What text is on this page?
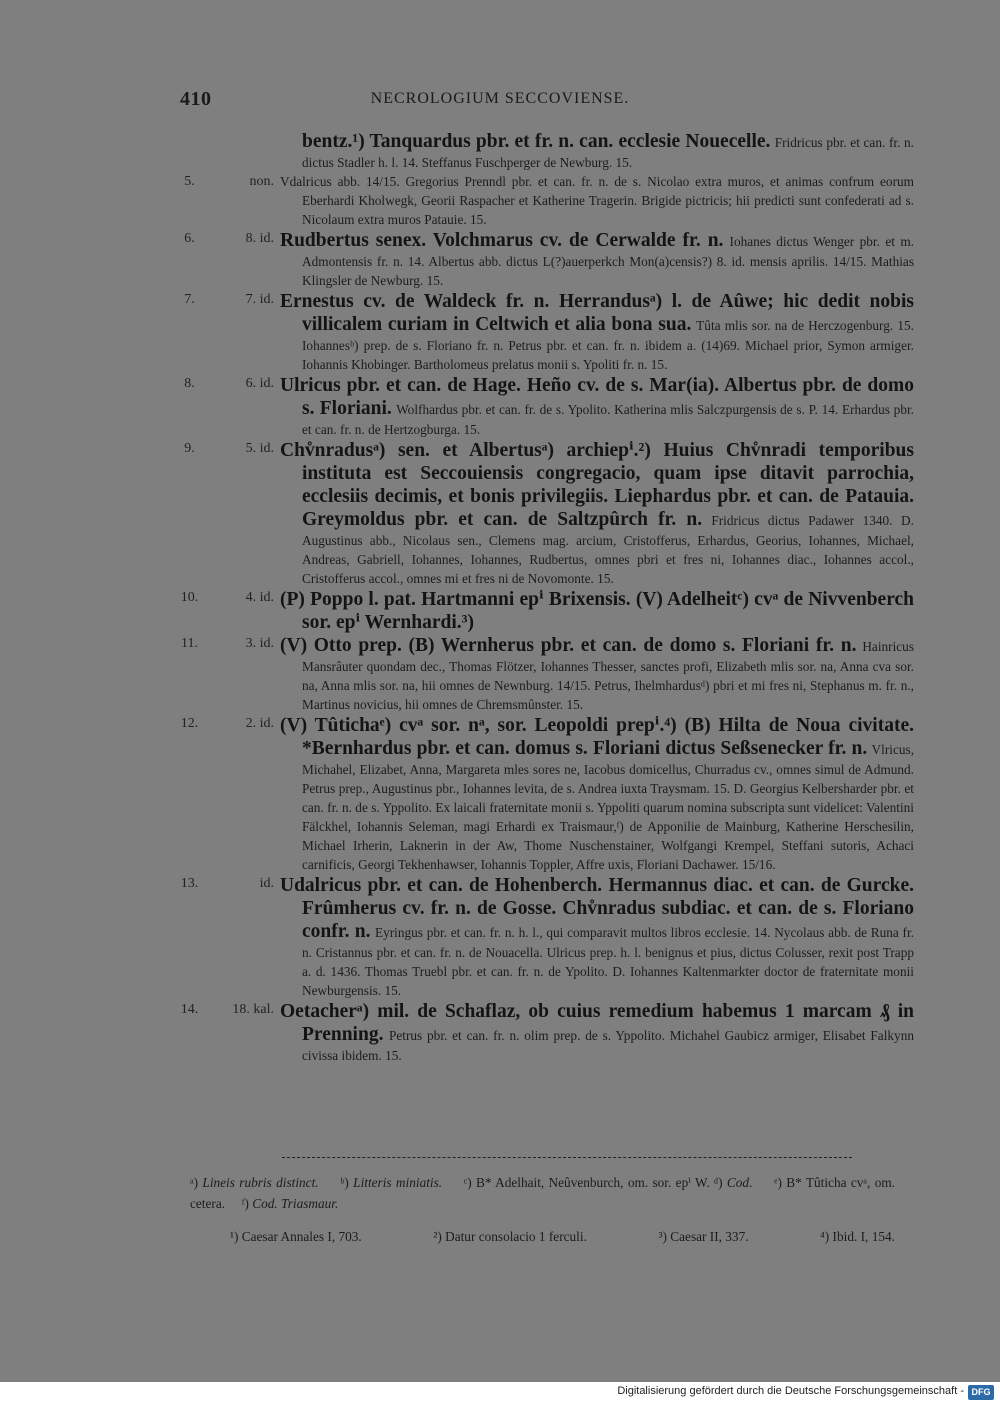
410	NECROLOGIUM SECCOVIENSE.
bentz.¹) Tanquardus pbr. et fr. n. can. ecclesie Nouecelle. Fridricus pbr. et can. fr. n. dictus Stadler h. l. 14. Steffanus Fuschperger de Newburg. 15.
5.	non. Vdalricus abb. 14/15. Gregorius Prenndl pbr. et can. fr. n. de s. Nicolao extra muros, et animas confrum eorum Eberhardi Kholwegk, Georii Raspacher et Katherine Tragerin. Brigide pictricis; hii predicti sunt confederati ad s. Nicolaum extra muros Patauie. 15.
6.	8. id. Rudbertus senex. Volchmarus cv. de Cerwalde fr. n. Iohanes dictus Wenger pbr. et m. Admontensis fr. n. 14. Albertus abb. dictus L(?)auerperkch Mon(a)censis?) 8. id. mensis aprilis. 14/15. Mathias Klingsler de Newburg. 15.
7.	7. id. Ernestus cv. de Waldeck fr. n. Herrandusᵃ) l. de Aûwe; hic dedit nobis villicalem curiam in Celtwich et alia bona sua. Tûta mlis sor. na de Herczogenburg. 15. Iohannesᵇ) prep. de s. Floriano fr. n. Petrus pbr. et can. fr. n. ibidem a. (14)69. Michael prior, Symon armiger. Iohannis Khobinger. Bartholomeus prelatus monii s. Ypoliti fr. n. 15.
8.	6. id. Ulricus pbr. et can. de Hage. Heño cv. de s. Mar(ia). Albertus pbr. de domo s. Floriani. Wolfhardus pbr. et can. fr. de s. Ypolito. Katherina mlis Salczpurgensis de s. P. 14. Erhardus pbr. et can. fr. n. de Hertzogburga. 15.
9.	5. id. Chv̊nradusᵃ) sen. et Albertusᵃ) archiepⁱ.²) Huius Chv̊nradi temporibus instituta est Seccouiensis congregacio, quam ipse ditavit parrochia, ecclesiis decimis, et bonis privilegiis. Liephardus pbr. et can. de Patauia. Greymoldus pbr. et can. de Saltzpûrch fr. n. Fridricus dictus Padawer 1340. D. Augustinus abb., Nicolaus sen., Clemens mag. arcium, Cristofferus, Erhardus, Georius, Iohannes, Michael, Andreas, Gabriell, Iohannes, Iohannes, Rudbertus, omnes pbri et fres ni, Iohannes diac., Iohannes accol., Cristofferus accol., omnes mi et fres ni de Novomonte. 15.
10.	4. id. (P) Poppo l. pat. Hartmanni epⁱ Brixensis. (V) Adelheitᶜ) cvᵃ de Nivvenberch sor. epⁱ Wernhardi.³)
11.	3. id. (V) Otto prep. (B) Wernherus pbr. et can. de domo s. Floriani fr. n. Hainricus Mansrâuter quondam dec., Thomas Flötzer, Iohannes Thesser, sanctes profi, Elizabeth mlis sor. na, Anna cva sor. na, Anna mlis sor. na, hii omnes de Newnburg. 14/15. Petrus, Ihelmhardusᵈ) pbri et mi fres ni, Stephanus m. fr. n., Martinus novicius, hii omnes de Chremsmûnster. 15.
12.	2. id. (V) Tûtichaᵉ) cvᵃ sor. nᵃ, sor. Leopoldi prepⁱ.⁴) (B) Hilta de Noua civitate. *Bernhardus pbr. et can. domus s. Floriani dictus Seßsenecker fr. n. Vlricus, Michahel, Elizabet, Anna, Margareta mles sores ne, Iacobus domicellus, Churradus cv., omnes simul de Admund. Petrus prep., Augustinus pbr., Iohannes levita, de s. Andrea iuxta Traysmam. 15. D. Georgius Kelbersharder pbr. et can. fr. n. de s. Yppolito. Ex laicali fraternitate monii s. Yppoliti quarum nomina subscripta sunt videlicet: Valentini Fälckhel, Iohannis Seleman, magi Erhardi ex Traismaur,ᶠ) de Apponilie de Mainburg, Katherine Herschesilin, Michael Irherin, Laknerin in der Aw, Thome Nuschenstainer, Wolfgangi Krempel, Steffani sutoris, Achaci carnificis, Georgi Tekhenhawser, Iohannis Toppler, Affre uxis, Floriani Dachawer. 15/16.
13.	id. Udalricus pbr. et can. de Hohenberch. Hermannus diac. et can. de Gurcke. Frûmherus cv. fr. n. de Gosse. Chv̊nradus subdiac. et can. de s. Floriano confr. n. Eyringus pbr. et can. fr. n. h. l., qui comparavit multos libros ecclesie. 14. Nycolaus abb. de Runa fr. n. Cristannus pbr. et can. fr. n. de Nouacella. Ulricus prep. h. l. benignus et pius, dictus Colusser, rexit post Trapp a. d. 1436. Thomas Truebl pbr. et can. fr. n. de Ypolito. D. Iohannes Kaltenmarkter doctor de fraternitate monii Newburgensis. 15.
14.	18. kal. Oetacherᵃ) mil. de Schaflaz, ob cuius remedium habemus 1 marcam ₰ in Prenning. Petrus pbr. et can. fr. n. olim prep. de s. Yppolito. Michahel Gaubicz armiger, Elisabet Falkynn civissa ibidem. 15.
ᵃ) Lineis rubris distinct. ᵇ) Litteris miniatis. ᶜ) B* Adelhait, Neûvenburch, om. sor. epⁱ W. ᵈ) Cod. ᵉ) B* Tûticha cvᵃ, om. cetera. ᶠ) Cod. Triasmaur.
¹) Caesar Annales I, 703.	²) Datur consolacio 1 ferculi.	³) Caesar II, 337.	⁴) Ibid. I, 154.
Digitalisierung gefördert durch die Deutsche Forschungsgemeinschaft - DFG
